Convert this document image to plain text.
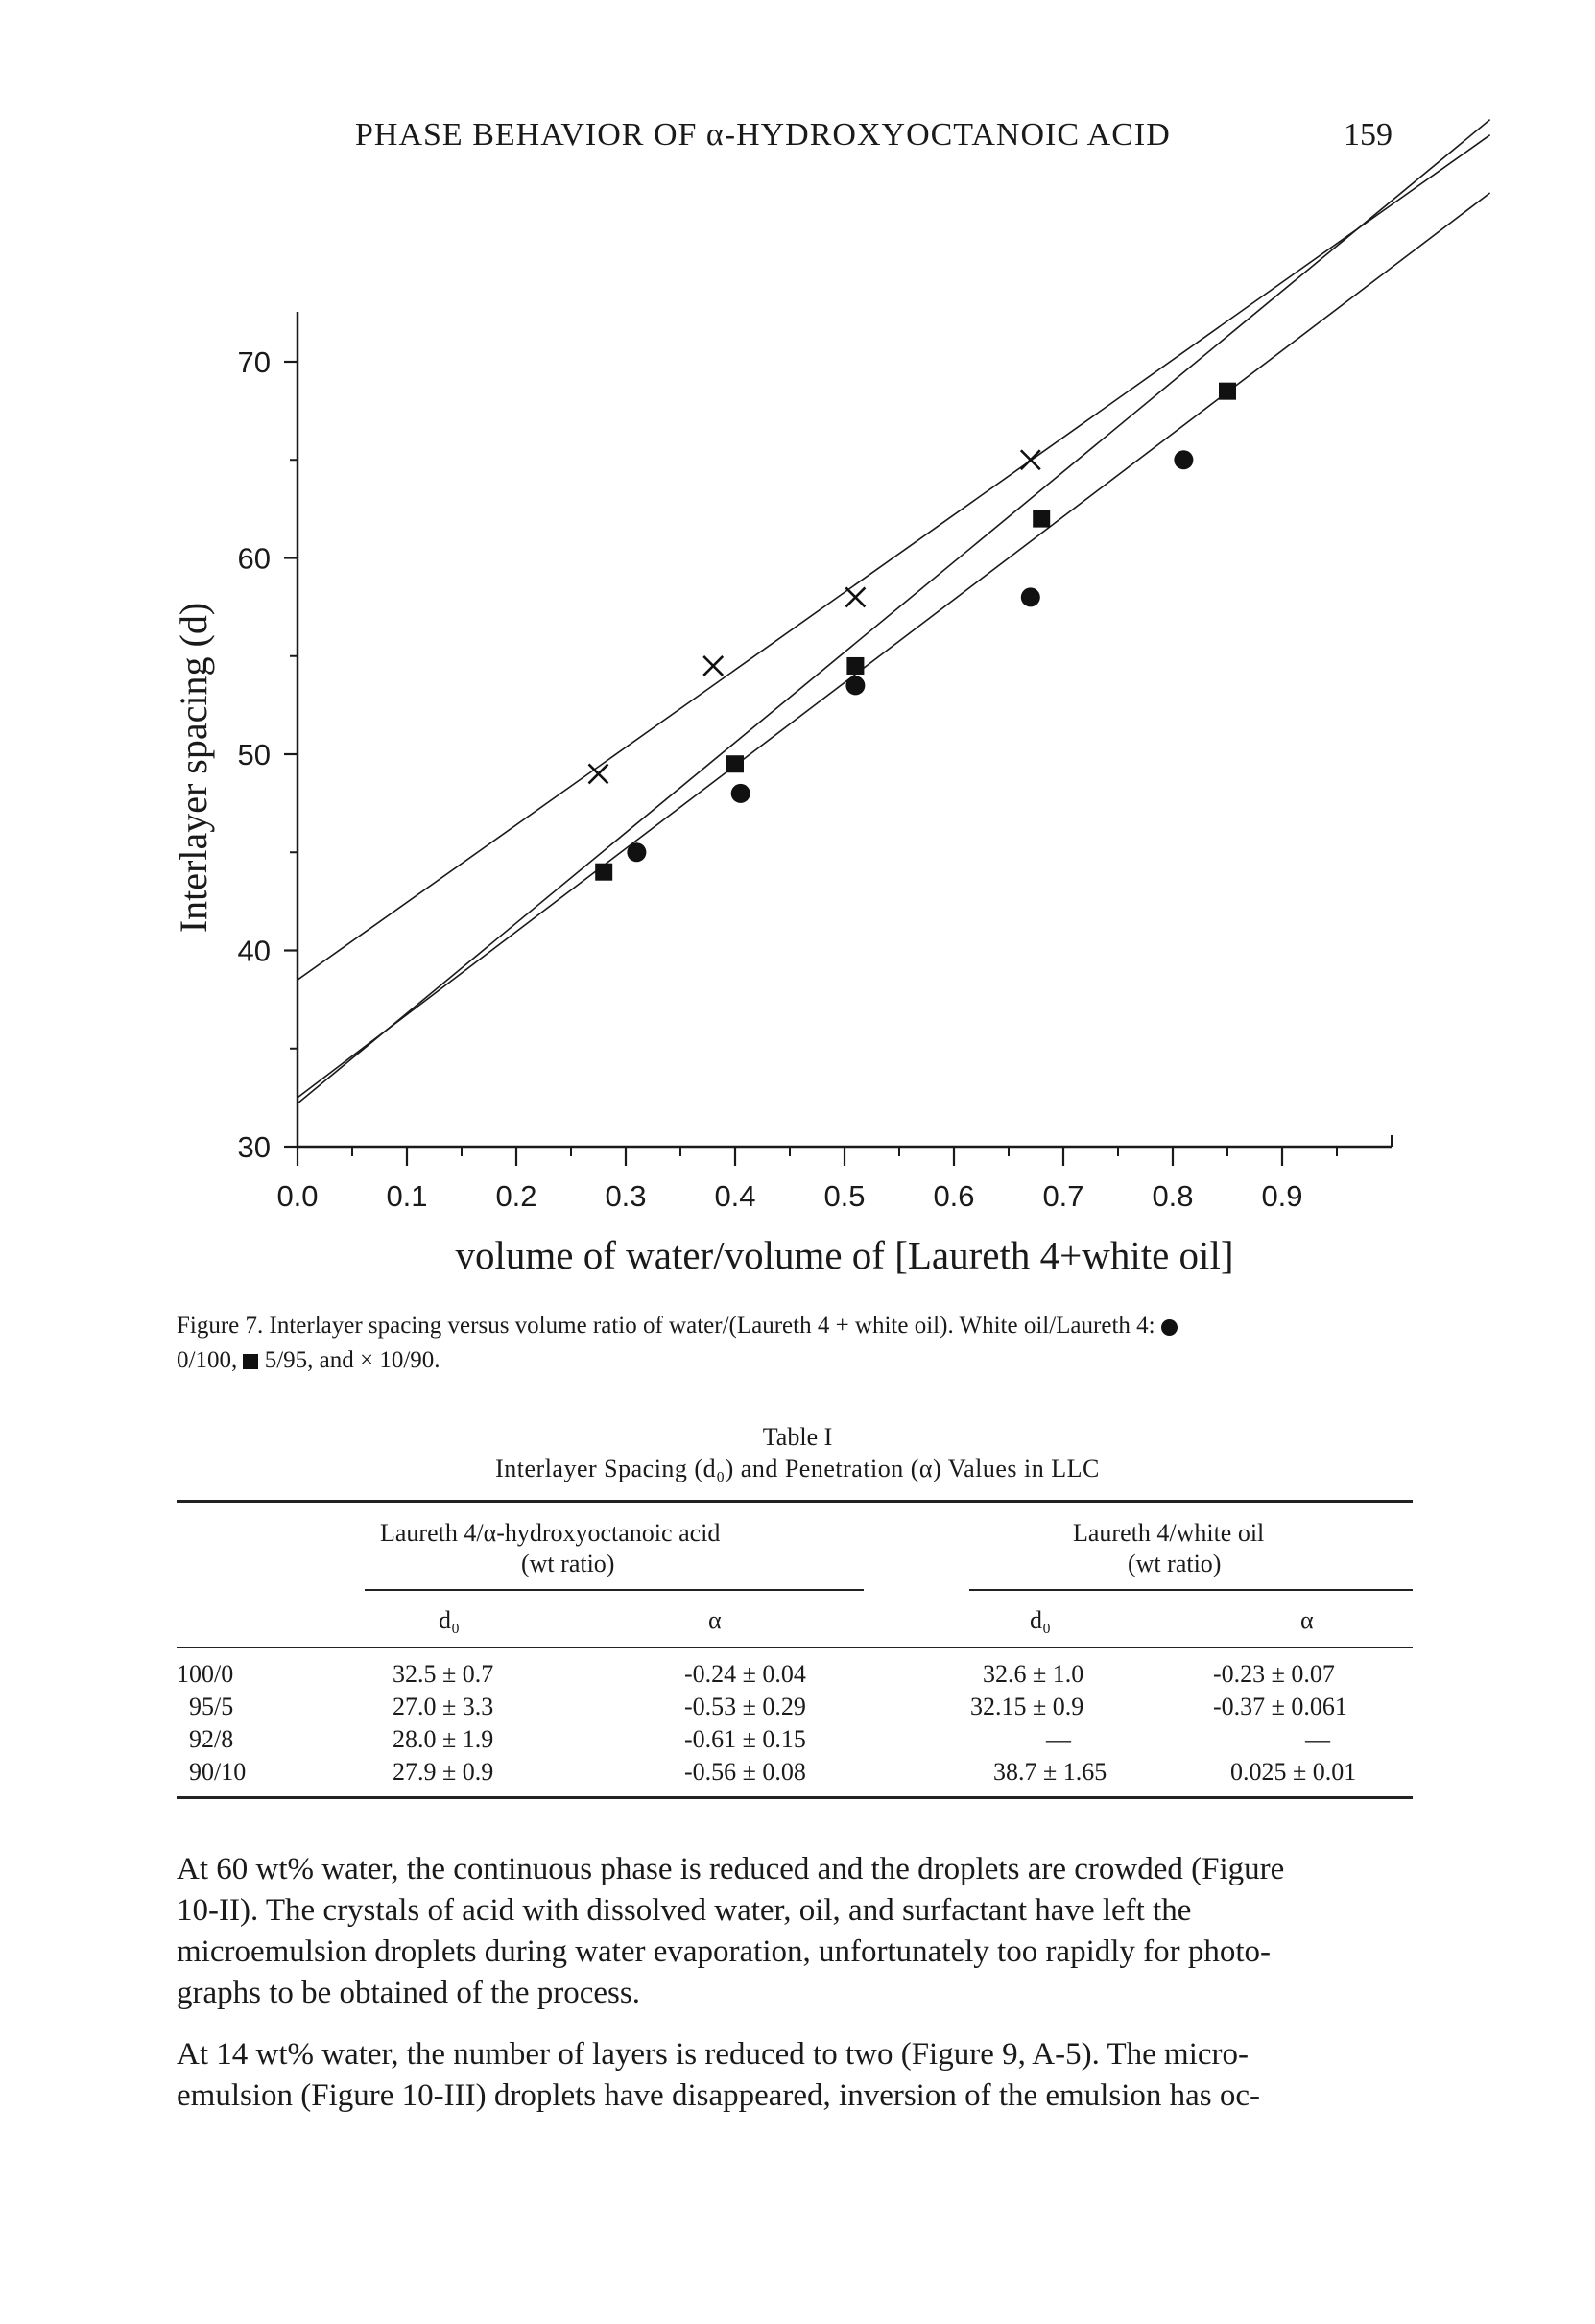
PHASE BEHAVIOR OF α-HYDROXYOCTANOIC ACID	159
0.0 0.1 0.2 0.3 0.4 0.5 0.6 0.7 0.8 0.9
30
40
50
60
70
Interlayer spacing (d)
volume of water/volume of [Laureth 4+white oil]
Figure 7. Interlayer spacing versus volume ratio of water/(Laureth 4 + white oil). White oil/Laureth 4:
0/100, 5/95, and × 10/90.
Table I
Interlayer Spacing (d₀) and Penetration (α) Values in LLC
Laureth 4/α-hydroxyoctanoic acid
(wt ratio)
Laureth 4/white oil
(wt ratio)
d₀	α	d₀	α
100/0	32.5 ± 0.7	-0.24 ± 0.04	32.6 ± 1.0	-0.23 ± 0.07
95/5	27.0 ± 3.3	-0.53 ± 0.29	32.15 ± 0.9	-0.37 ± 0.061
92/8	28.0 ± 1.9	-0.61 ± 0.15	—	—
90/10	27.9 ± 0.9	-0.56 ± 0.08	38.7 ± 1.65	0.025 ± 0.01
At 60 wt% water, the continuous phase is reduced and the droplets are crowded (Figure
10-II). The crystals of acid with dissolved water, oil, and surfactant have left the
microemulsion droplets during water evaporation, unfortunately too rapidly for photo-
graphs to be obtained of the process.
At 14 wt% water, the number of layers is reduced to two (Figure 9, A-5). The micro-
emulsion (Figure 10-III) droplets have disappeared, inversion of the emulsion has oc-
